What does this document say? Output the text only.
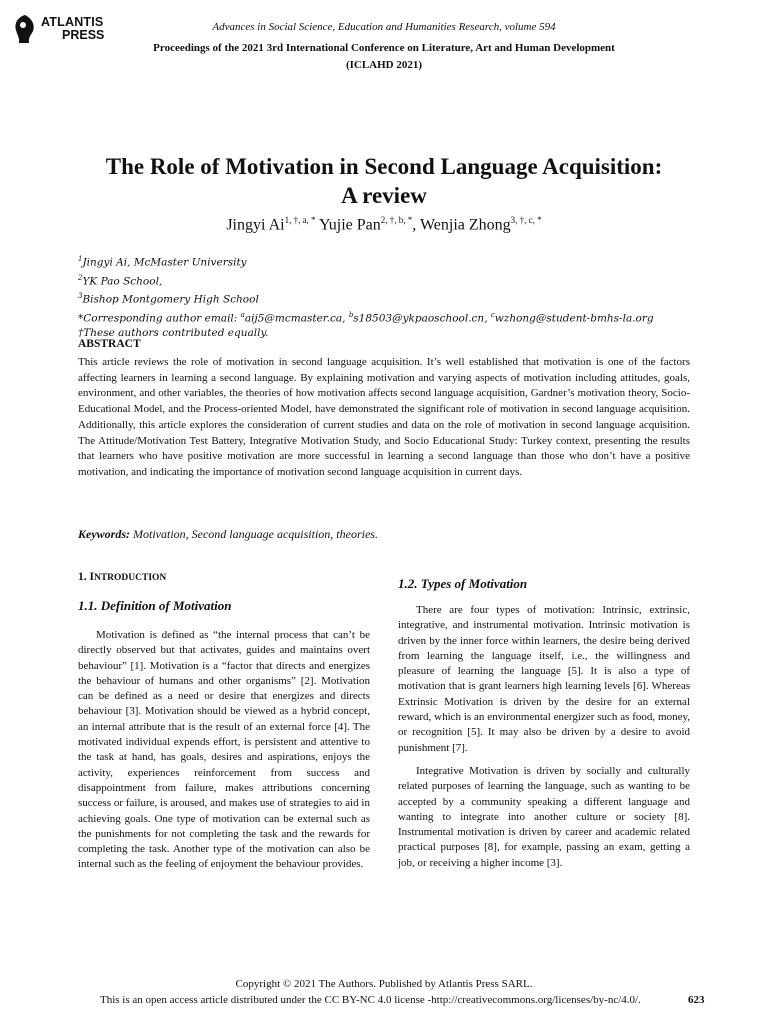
ATLANTIS
PRESS
Advances in Social Science, Education and Humanities Research, volume 594
Proceedings of the 2021 3rd International Conference on Literature, Art and Human Development (ICLAHD 2021)
The Role of Motivation in Second Language Acquisition: A review
Jingyi $Ai^{1, \dagger, a, *}$ Yujie Pan$^{2, \dagger, b, *}$, Wenjia Zhong$^{3, \dagger, c, *}$

$^1$Jingyi Ai, McMaster University

$^2$YK Pao School,

$^3$Bishop Montgomery High School

*Corresponding author email: $^a$aij5@mcmaster.ca, $^b$s18503@ykpaoschool.cn, $^c$wzhong@student-bmhs-la.org

†These authors contributed equally.

ABSTRACT
This article reviews the role of motivation in second language acquisition. It’s well established that motivation is one of the factors affecting learners in learning a second language. By explaining motivation and varying aspects of motivation including attitudes, goals, environment, and other variables, the theories of how motivation affects second language acquisition, Gardner’s motivation theory, Socio-Educational Model, and the Process-oriented Model, have demonstrated the significant role of motivation in second language acquisition. Additionally, this article explores the consideration of current studies and data on the role of motivation in second language acquisition. The Attitude/Motivation Test Battery, Integrative Motivation Study, and Socio Educational Study: Turkey context, presenting the results that learners who have positive motivation are more successful in learning a second language than those who don’t have a positive motivation, and indicating the importance of motivation second language acquisition in current days.
Keywords: Motivation, Second language acquisition, theories.
1. INTRODUCTION
1.1. Definition of Motivation

Motivation is defined as “the internal process that can’t be directly observed but that activates, guides and maintains overt behaviour” [1]. Motivation is a “factor that directs and energizes the behaviour of humans and other organisms” [2]. Motivation can be defined as a need or desire that energizes and directs behaviour [3]. Motivation should be viewed as a hybrid concept, an internal attribute that is the result of an external force [4]. The motivated individual expends effort, is persistent and attentive to the task at hand, has goals, desires and aspirations, enjoys the activity, experiences reinforcement from success and disappointment from failure, makes attributions concerning success or failure, is aroused, and makes use of strategies to aid in achieving goals. One type of motivation can be external such as the punishments for not completing the task and the rewards for completing the task. Another type of the motivation can also be internal such as the feeling of enjoyment the behaviour provides.

1.2. Types of Motivation

There are four types of motivation: Intrinsic, extrinsic, integrative, and instrumental motivation. Intrinsic motivation is driven by the inner force within learners, the desire being derived from learning the language itself, i.e., the willingness and pleasure of learning the language [5]. It is also a type of motivation that is grant learners high learning levels [6]. Whereas Extrinsic Motivation is driven by the desire for an external reward, which is an environmental energizer such as food, money, or recognition [5]. It may also be driven by a desire to avoid punishment [7].

Integrative Motivation is driven by socially and culturally related purposes of learning the language, such as wanting to be accepted by a community speaking a different language and wanting to integrate into another culture or society [8]. Instrumental motivation is driven by career and academic related practical purposes [8], for example, passing an exam, getting a job, or receiving a higher income [3].

Copyright © 2021 The Authors. Published by Atlantis Press SARL.
This is an open access article distributed under the CC BY-NC 4.0 license -http://creativecommons.org/licenses/by-nc/4.0/.	623
